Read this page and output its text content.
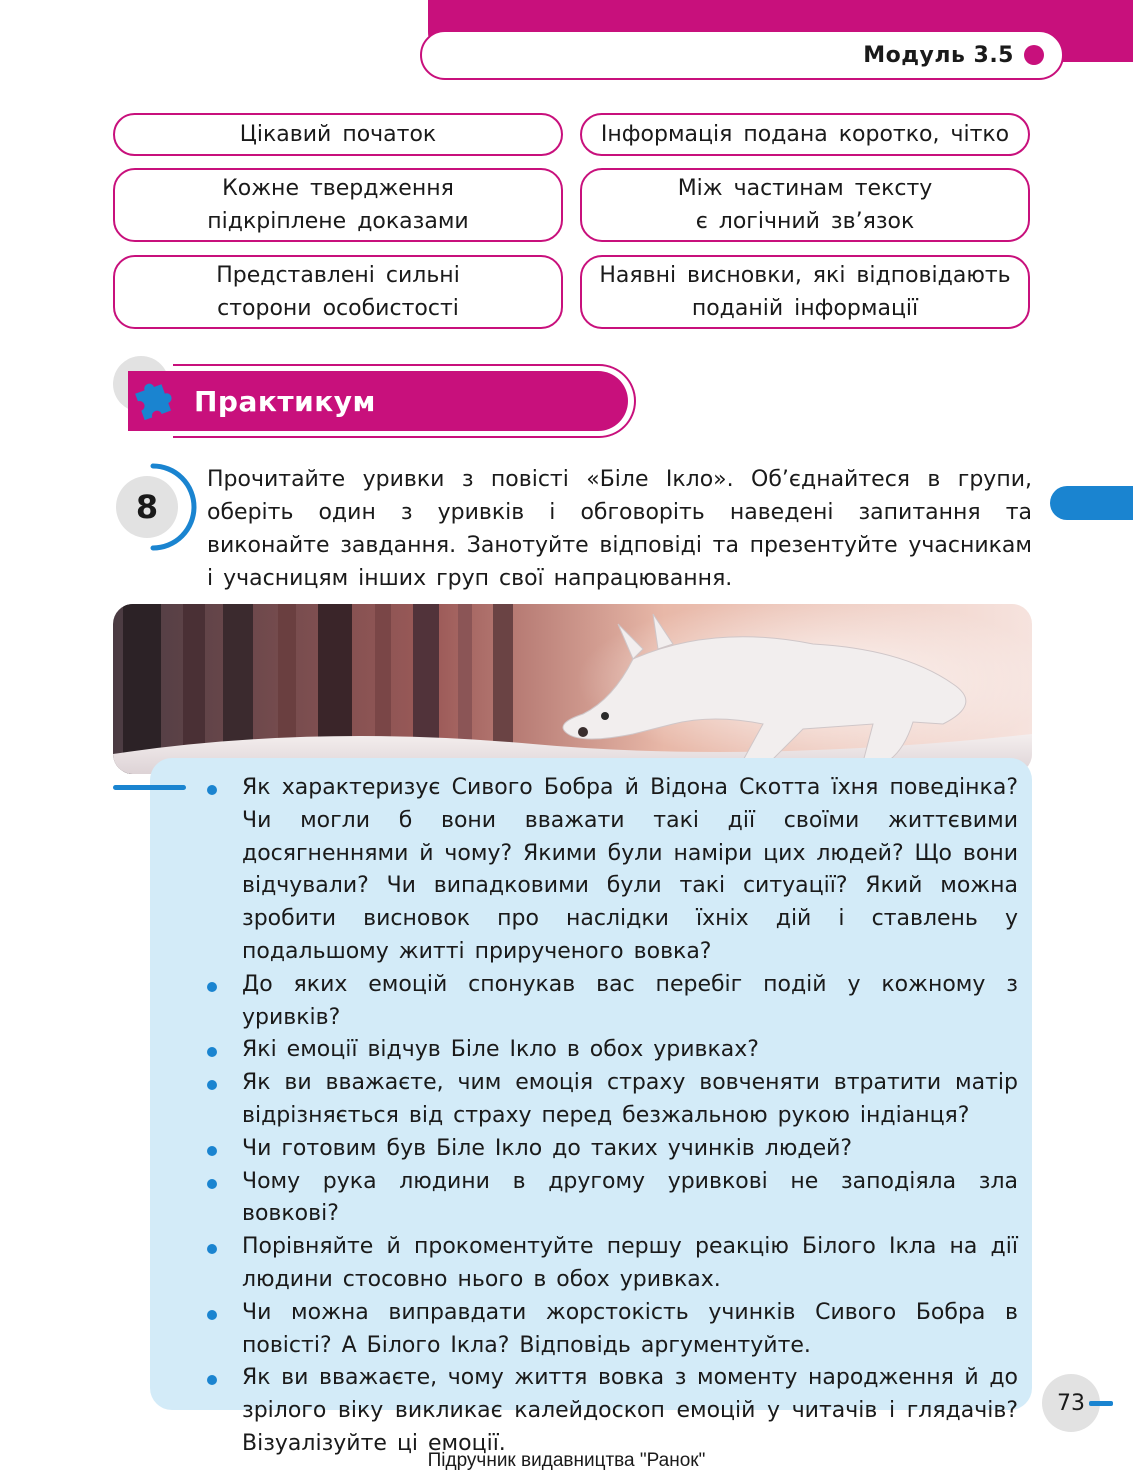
Модуль 3.5
Цікавий початок	Інформація подана коротко, чітко
Кожне твердження
підкріплене доказами
Між частинам тексту
є логічний зв’язок
Представлені сильні
сторони особистості
Наявні висновки, які відповідають
поданій інформації
Практикум
8

Прочитайте уривки з повісті «Біле Ікло». Об’єднайтеся в групи, оберіть один з уривків і обговоріть наведені запитання та виконайте завдання. Занотуйте відповіді та презентуйте учасникам і учасницям інших груп свої напрацювання.

Як характеризує Сивого Бобра й Відона Скотта їхня поведінка? Чи могли б вони вважати такі дії своїми життєвими досягненнями й чому? Якими були наміри цих людей? Що вони відчували? Чи випадковими були такі ситуації? Який можна зробити висновок про наслідки їхніх дій і ставлень у подальшому житті прирученого вовка?
До яких емоцій спонукав вас перебіг подій у кожному з уривків?
Які емоції відчув Біле Ікло в обох уривках?
Як ви вважаєте, чим емоція страху вовченяти втратити матір відрізняється від страху перед безжальною рукою індіанця?
Чи готовим був Біле Ікло до таких учинків людей?
Чому рука людини в другому уривкові не заподіяла зла вовкові?
Порівняйте й прокоментуйте першу реакцію Білого Ікла на дії людини стосовно нього в обох уривках.
Чи можна виправдати жорстокість учинків Сивого Бобра в повісті? А Білого Ікла? Відповідь аргументуйте.
Як ви вважаєте, чому життя вовка з моменту народження й до зрілого віку викликає калейдоскоп емоцій у читачів і глядачів? Візуалізуйте ці емоції.
73
Підручник видавництва "Ранок"
